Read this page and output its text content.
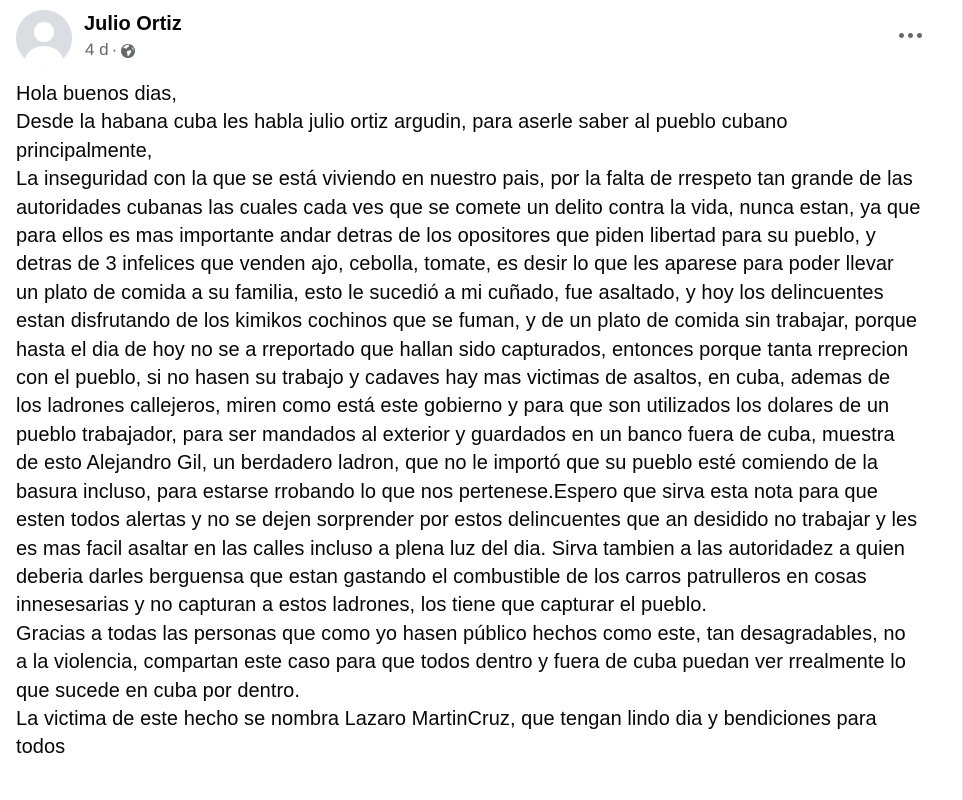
Julio Ortiz
4 d ·

Hola buenos dias,

Desde la habana cuba les habla julio ortiz argudin, para aserle saber al pueblo cubano principalmente,

La inseguridad con la que se está viviendo en nuestro pais, por la falta de rrespeto tan grande de las autoridades cubanas las cuales cada ves que se comete un delito contra la vida, nunca estan, ya que para ellos es mas importante andar detras de los opositores que piden libertad para su pueblo, y detras de 3 infelices que venden ajo, cebolla, tomate, es desir lo que les aparese para poder llevar un plato de comida a su familia, esto le sucedió a mi cuñado, fue asaltado, y hoy los delincuentes estan disfrutando de los kimikos cochinos que se fuman, y de un plato de comida sin trabajar, porque hasta el dia de hoy no se a rreportado que hallan sido capturados, entonces porque tanta rreprecion con el pueblo, si no hasen su trabajo y cadaves hay mas victimas de asaltos, en cuba, ademas de los ladrones callejeros, miren como está este gobierno y para que son utilizados los dolares de un pueblo trabajador, para ser mandados al exterior y guardados en un banco fuera de cuba, muestra de esto Alejandro Gil, un berdadero ladron, que no le importó que su pueblo esté comiendo de la basura incluso, para estarse rrobando lo que nos pertenese.Espero que sirva esta nota para que esten todos alertas y no se dejen sorprender por estos delincuentes que an desidido no trabajar y les es mas facil asaltar en las calles incluso a plena luz del dia. Sirva tambien a las autoridadez a quien deberia darles berguensa que estan gastando el combustible de los carros patrulleros en cosas innesesarias y no capturan a estos ladrones, los tiene que capturar el pueblo.

Gracias a todas las personas que como yo hasen público hechos como este, tan desagradables, no a la violencia, compartan este caso para que todos dentro y fuera de cuba puedan ver rrealmente lo que sucede en cuba por dentro.

La victima de este hecho se nombra Lazaro MartinCruz, que tengan lindo dia y bendiciones para todos
